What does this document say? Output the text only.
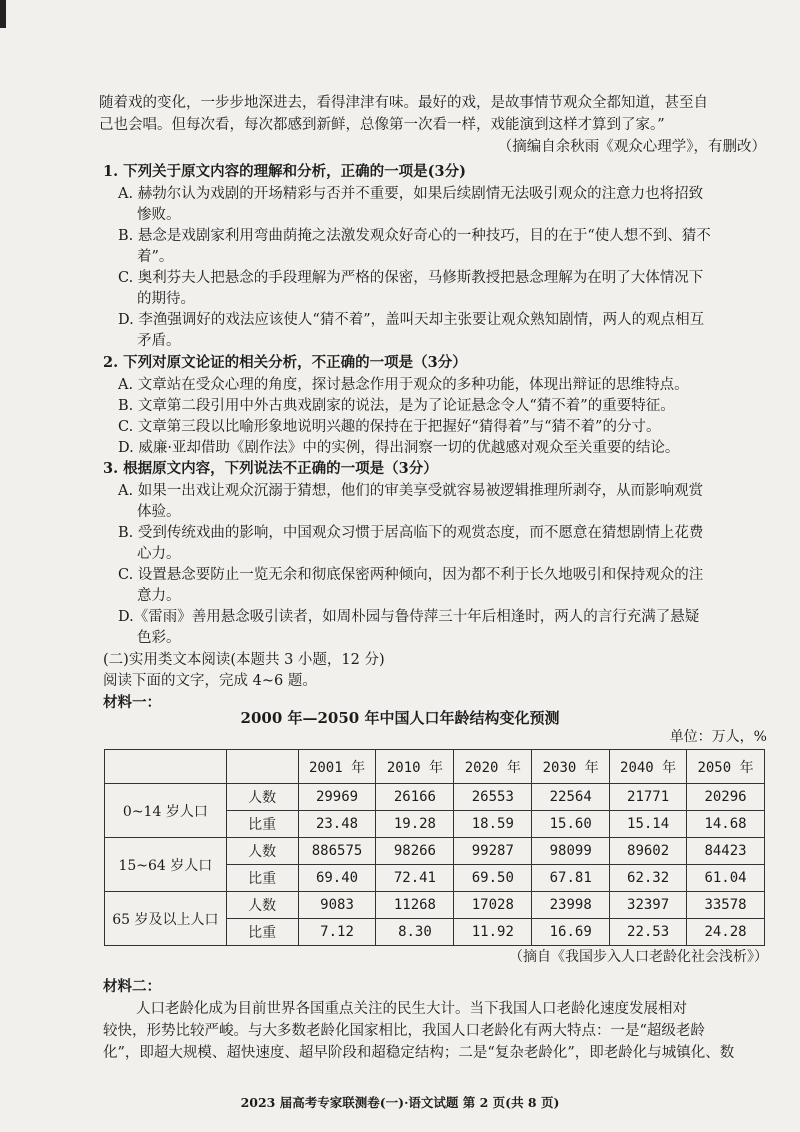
随着戏的变化，一步步地深进去，看得津津有味。最好的戏，是故事情节观众全都知道，甚至自
己也会唱。但每次看，每次都感到新鲜，总像第一次看一样，戏能演到这样才算到了家。”
（摘编自余秋雨《观众心理学》，有删改）
1. 下列关于原文内容的理解和分析，正确的一项是(3分)
A. 赫勃尔认为戏剧的开场精彩与否并不重要，如果后续剧情无法吸引观众的注意力也将招致
惨败。
B. 悬念是戏剧家利用弯曲荫掩之法激发观众好奇心的一种技巧，目的在于“使人想不到、猜不
着”。
C. 奥利芬夫人把悬念的手段理解为严格的保密，马修斯教授把悬念理解为在明了大体情况下
的期待。
D. 李渔强调好的戏法应该使人“猜不着”，盖叫天却主张要让观众熟知剧情，两人的观点相互
矛盾。
2. 下列对原文论证的相关分析，不正确的一项是（3分）
A. 文章站在受众心理的角度，探讨悬念作用于观众的多种功能，体现出辩证的思维特点。
B. 文章第二段引用中外古典戏剧家的说法，是为了论证悬念令人“猜不着”的重要特征。
C. 文章第三段以比喻形象地说明兴趣的保持在于把握好“猜得着”与“猜不着”的分寸。
D. 威廉·亚却借助《剧作法》中的实例，得出洞察一切的优越感对观众至关重要的结论。
3. 根据原文内容，下列说法不正确的一项是（3分）
A. 如果一出戏让观众沉溺于猜想，他们的审美享受就容易被逻辑推理所剥夺，从而影响观赏
体验。
B. 受到传统戏曲的影响，中国观众习惯于居高临下的观赏态度，而不愿意在猜想剧情上花费
心力。
C. 设置悬念要防止一览无余和彻底保密两种倾向，因为都不利于长久地吸引和保持观众的注
意力。
D.《雷雨》善用悬念吸引读者，如周朴园与鲁侍萍三十年后相逢时，两人的言行充满了悬疑
色彩。
(二)实用类文本阅读(本题共 3 小题，12 分)
阅读下面的文字，完成 4~6 题。
材料一：
2000 年—2050 年中国人口年龄结构变化预测
单位：万人，%
		2001 年	2010 年	2020 年	2030 年	2040 年	2050 年
0~14 岁人口	人数	29969	26166	26553	22564	21771	20296
	比重	23.48	19.28	18.59	15.60	15.14	14.68
15~64 岁人口	人数	886575	98266	99287	98099	89602	84423
	比重	69.40	72.41	69.50	67.81	62.32	61.04
65 岁及以上人口	人数	9083	11268	17028	23998	32397	33578
	比重	7.12	8.30	11.92	16.69	22.53	24.28
（摘自《我国步入人口老龄化社会浅析》）
材料二：
人口老龄化成为目前世界各国重点关注的民生大计。当下我国人口老龄化速度发展相对
较快，形势比较严峻。与大多数老龄化国家相比，我国人口老龄化有两大特点：一是“超级老龄
化”，即超大规模、超快速度、超早阶段和超稳定结构；二是“复杂老龄化”，即老龄化与城镇化、数
2023 届高考专家联测卷(一)·语文试题 第 2 页(共 8 页)
